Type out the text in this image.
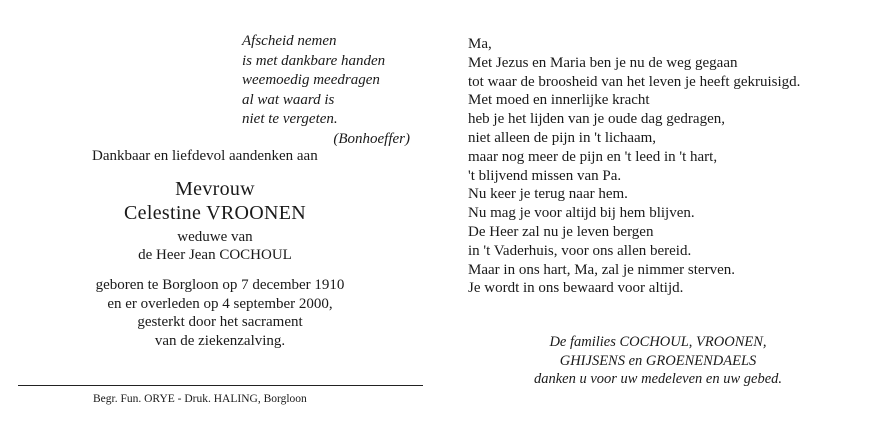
Afscheid nemen
is met dankbare handen
weemoedig meedragen
al wat waard is
niet te vergeten.
(Bonhoeffer)
Dankbaar en liefdevol aandenken aan
Mevrouw
Celestine VROONEN
weduwe van
de Heer Jean COCHOUL
geboren te Borgloon op 7 december 1910
en er overleden op 4 september 2000,
gesterkt door het sacrament
van de ziekenzalving.
Begr. Fun. ORYE - Druk. HALING, Borgloon
Ma,
Met Jezus en Maria ben je nu de weg gegaan
tot waar de broosheid van het leven je heeft gekruisigd.
Met moed en innerlijke kracht
heb je het lijden van je oude dag gedragen,
niet alleen de pijn in 't lichaam,
maar nog meer de pijn en 't leed in 't hart,
't blijvend missen van Pa.
Nu keer je terug naar hem.
Nu mag je voor altijd bij hem blijven.
De Heer zal nu je leven bergen
in 't Vaderhuis, voor ons allen bereid.
Maar in ons hart, Ma, zal je nimmer sterven.
Je wordt in ons bewaard voor altijd.
De families COCHOUL, VROONEN,
GHIJSENS en GROENENDAELS
danken u voor uw medeleven en uw gebed.
